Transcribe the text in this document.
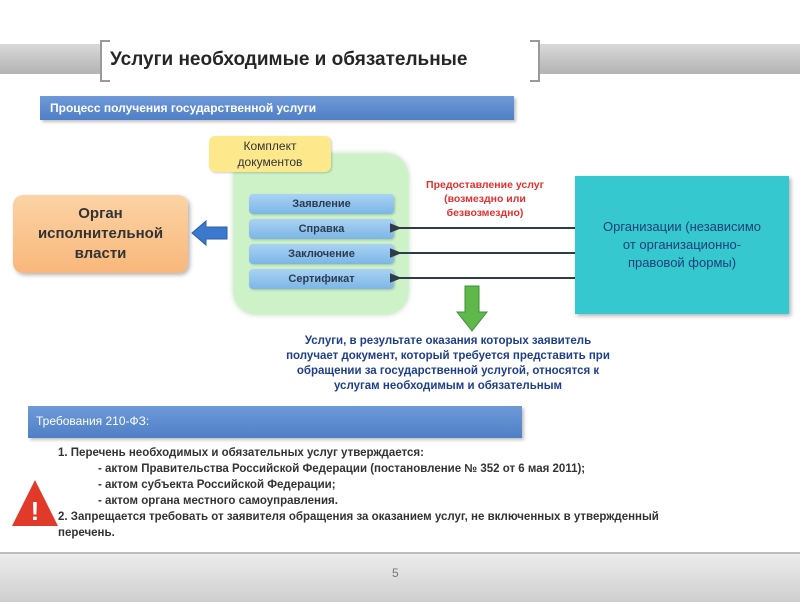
Услуги необходимые и обязательные
Процесс получения государственной услуги
Комплект
документов
Заявление
Справка
Заключение
Сертификат
Орган
исполнительной
власти
Предоставление услуг
(возмездно или
безвозмездно)
Организации (независимо
от организационно-
правовой формы)
Услуги, в результате оказания которых заявитель
получает документ, который требуется представить при
обращении за государственной услугой, относятся к
услугам необходимым и обязательным
Требования 210-ФЗ:
!
1. Перечень необходимых и обязательных услуг утверждается:
- актом Правительства Российской Федерации (постановление № 352 от 6 мая 2011);
- актом субъекта Российской Федерации;
- актом органа местного самоуправления.
2. Запрещается требовать от заявителя обращения за оказанием услуг, не включенных в утвержденный
перечень.
5
